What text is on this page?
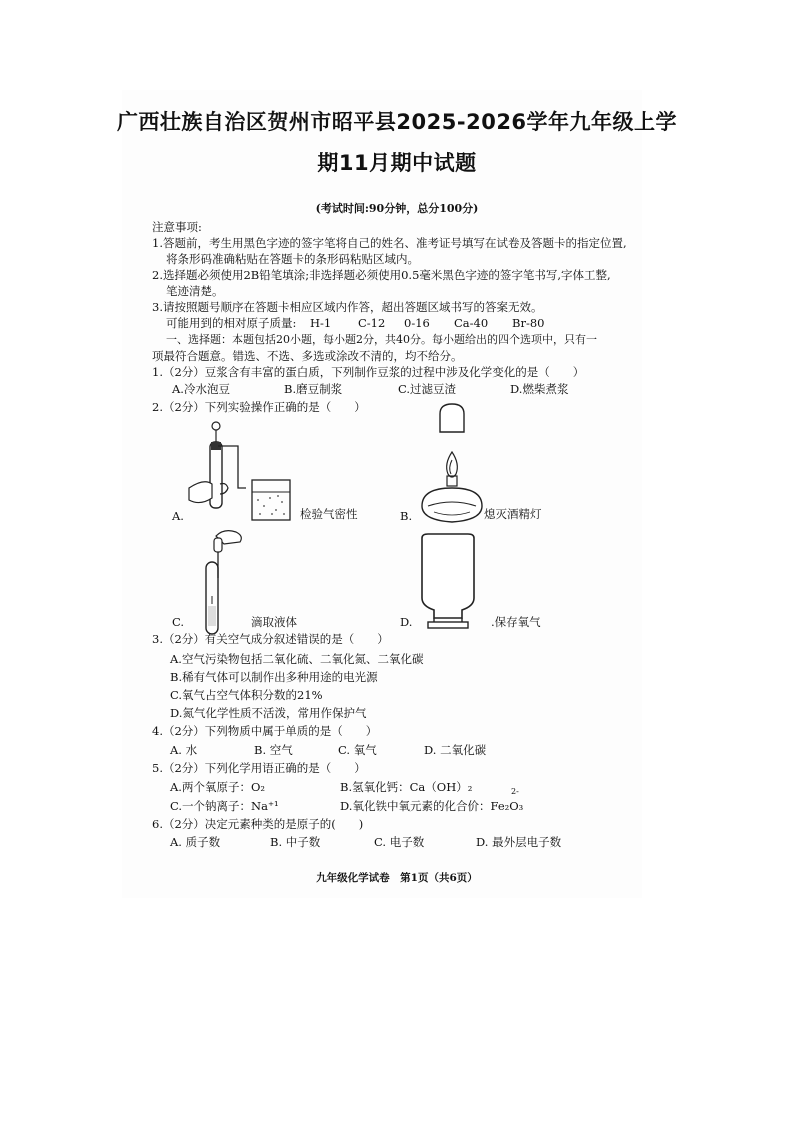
广西壮族自治区贺州市昭平县2025-2026学年九年级上学
期11月期中试题
(考试时间:90分钟，总分100分)
注意事项:
1.答题前，考生用黑色字迹的签字笔将自己的姓名、准考证号填写在试卷及答题卡的指定位置,
将条形码准确粘贴在答题卡的条形码粘贴区域内。
2.选择题必须使用2B铅笔填涂;非选择题必须使用0.5毫米黑色字迹的签字笔书写,字体工整,
笔迹清楚。
3.请按照题号顺序在答题卡相应区域内作答，超出答题区域书写的答案无效。
可能用到的相对原子质量: H-1 C-12 0-16 Ca-40 Br-80
一、选择题：本题包括20小题，每小题2分，共40分。每小题给出的四个选项中，只有一
项最符合题意。错选、不选、多选或涂改不清的，均不给分。
1.（2分）豆浆含有丰富的蛋白质，下列制作豆浆的过程中涉及化学变化的是（　　）
A.冷水泡豆	B.磨豆制浆	C.过滤豆渣	D.燃柴煮浆
2.（2分）下列实验操作正确的是（　　）
A.	检验气密性	B.	熄灭酒精灯
C.	滴取液体	D.	.保存氧气
3.（2分）有关空气成分叙述错误的是（　　）
A.空气污染物包括二氧化硫、二氧化氮、二氧化碳
B.稀有气体可以制作出多种用途的电光源
C.氧气占空气体积分数的21%
D.氮气化学性质不活泼，常用作保护气
4.（2分）下列物质中属于单质的是（　　）
A. 水	B. 空气	C. 氧气	D. 二氧化碳
5.（2分）下列化学用语正确的是（　　）
A.两个氧原子：O₂	B.氢氧化钙：Ca（OH）₂
C.一个钠离子：Na⁺¹	D.氧化铁中氧元素的化合价：Fe₂O₃
2-
6.（2分）决定元素种类的是原子的(　　)
A. 质子数	B. 中子数	C. 电子数	D. 最外层电子数
九年级化学试卷　第1页（共6页）
